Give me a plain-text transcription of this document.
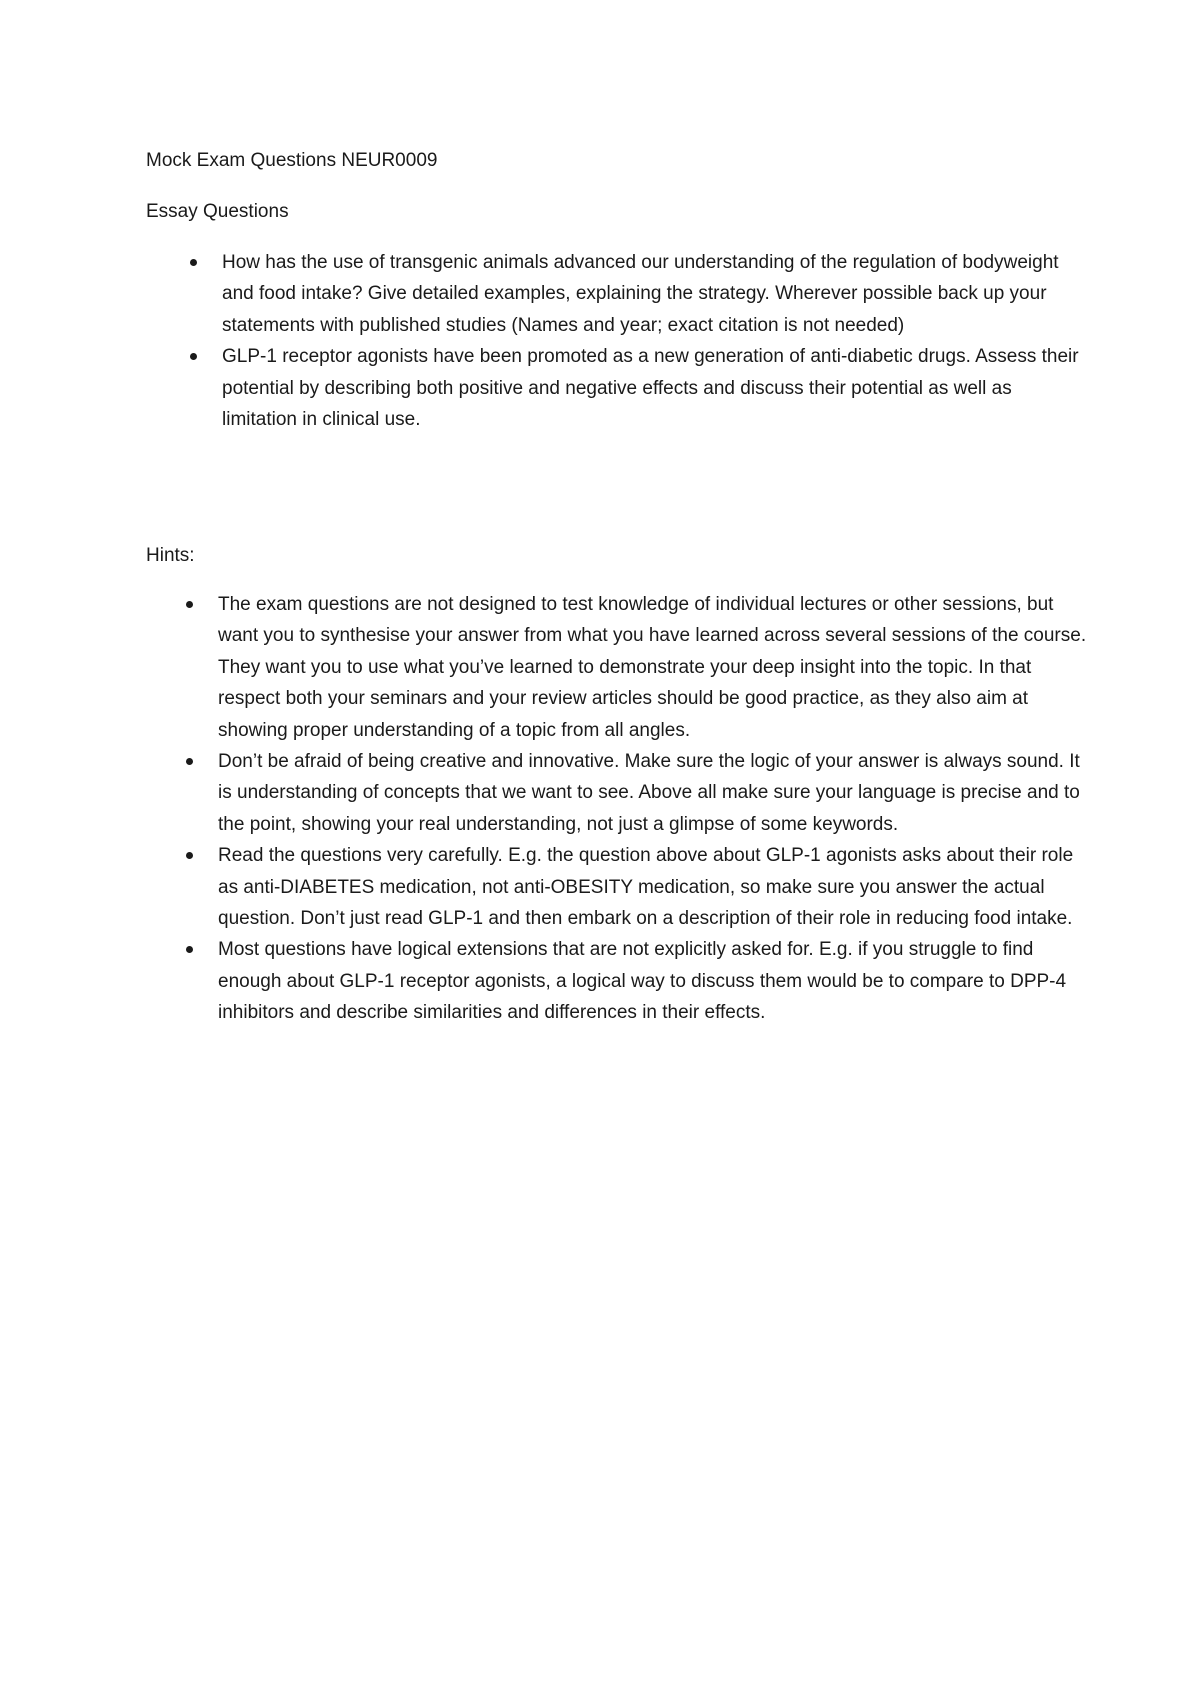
Mock Exam Questions NEUR0009
Essay Questions
How has the use of transgenic animals advanced our understanding of the regulation of bodyweight and food intake? Give detailed examples, explaining the strategy. Wherever possible back up your statements with published studies (Names and year; exact citation is not needed)
GLP-1 receptor agonists have been promoted as a new generation of anti-diabetic drugs. Assess their potential by describing both positive and negative effects and discuss their potential as well as limitation in clinical use.
Hints:
The exam questions are not designed to test knowledge of individual lectures or other sessions, but want you to synthesise your answer from what you have learned across several sessions of the course. They want you to use what you’ve learned to demonstrate your deep insight into the topic. In that respect both your seminars and your review articles should be good practice, as they also aim at showing proper understanding of a topic from all angles.
Don’t be afraid of being creative and innovative. Make sure the logic of your answer is always sound. It is understanding of concepts that we want to see. Above all make sure your language is precise and to the point, showing your real understanding, not just a glimpse of some keywords.
Read the questions very carefully. E.g. the question above about GLP-1 agonists asks about their role as anti-DIABETES medication, not anti-OBESITY medication, so make sure you answer the actual question. Don’t just read GLP-1 and then embark on a description of their role in reducing food intake.
Most questions have logical extensions that are not explicitly asked for. E.g. if you struggle to find enough about GLP-1 receptor agonists, a logical way to discuss them would be to compare to DPP-4 inhibitors and describe similarities and differences in their effects.
